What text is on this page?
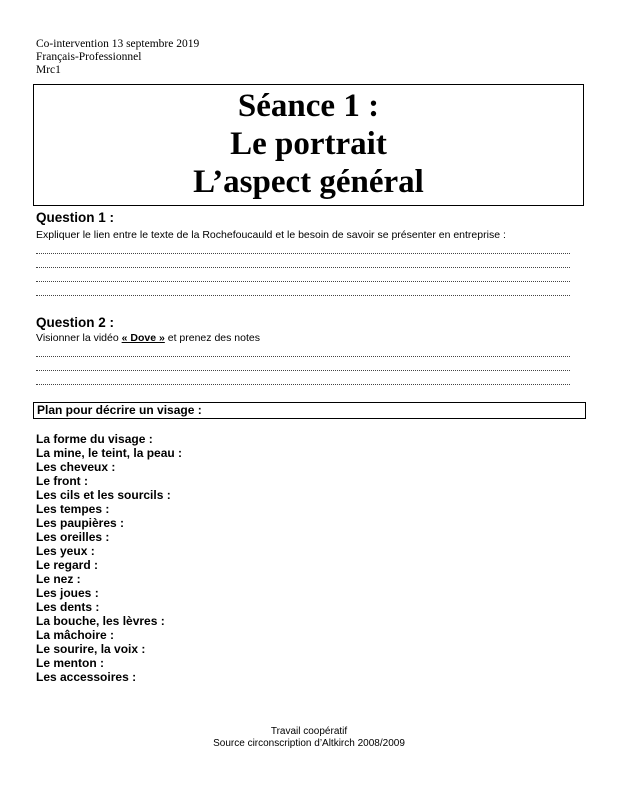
Co-intervention 13 septembre 2019
Français-Professionnel
Mrc1
Séance 1 :
Le portrait
L’aspect général
Question 1 :
Expliquer le lien entre le texte de la Rochefoucauld et le besoin de savoir se présenter en entreprise :
Question 2 :
Visionner la vidéo « Dove » et prenez des notes
Plan pour décrire un visage :
La forme du visage :
La mine, le teint, la peau :
Les cheveux :
Le front :
Les cils et les sourcils :
Les tempes :
Les paupières :
Les oreilles :
Les yeux :
Le regard :
Le nez :
Les joues :
Les dents :
La bouche, les lèvres :
La mâchoire :
Le sourire, la voix :
Le menton :
Les accessoires :
Travail coopératif
Source circonscription d’Altkirch 2008/2009
